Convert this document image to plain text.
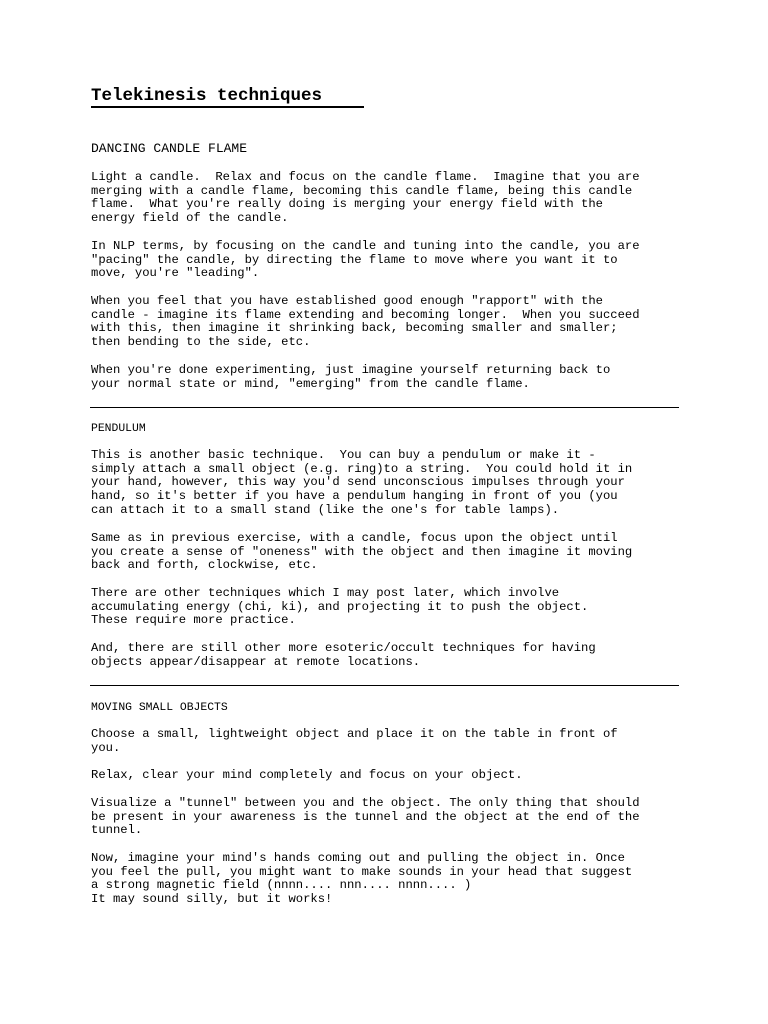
Telekinesis techniques
DANCING CANDLE FLAME

Light a candle.  Relax and focus on the candle flame.  Imagine that you are
merging with a candle flame, becoming this candle flame, being this candle
flame.  What you're really doing is merging your energy field with the
energy field of the candle.

In NLP terms, by focusing on the candle and tuning into the candle, you are
"pacing" the candle, by directing the flame to move where you want it to
move, you're "leading".

When you feel that you have established good enough "rapport" with the
candle - imagine its flame extending and becoming longer.  When you succeed
with this, then imagine it shrinking back, becoming smaller and smaller;
then bending to the side, etc.

When you're done experimenting, just imagine yourself returning back to
your normal state or mind, "emerging" from the candle flame.

PENDULUM

This is another basic technique.  You can buy a pendulum or make it -
simply attach a small object (e.g. ring)to a string.  You could hold it in
your hand, however, this way you'd send unconscious impulses through your
hand, so it's better if you have a pendulum hanging in front of you (you
can attach it to a small stand (like the one's for table lamps).

Same as in previous exercise, with a candle, focus upon the object until
you create a sense of "oneness" with the object and then imagine it moving
back and forth, clockwise, etc.

There are other techniques which I may post later, which involve
accumulating energy (chi, ki), and projecting it to push the object.
These require more practice.

And, there are still other more esoteric/occult techniques for having
objects appear/disappear at remote locations.

MOVING SMALL OBJECTS

Choose a small, lightweight object and place it on the table in front of
you.

Relax, clear your mind completely and focus on your object.

Visualize a "tunnel" between you and the object. The only thing that should
be present in your awareness is the tunnel and the object at the end of the
tunnel.

Now, imagine your mind's hands coming out and pulling the object in. Once
you feel the pull, you might want to make sounds in your head that suggest
a strong magnetic field (nnnn.... nnn.... nnnn.... )
It may sound silly, but it works!
